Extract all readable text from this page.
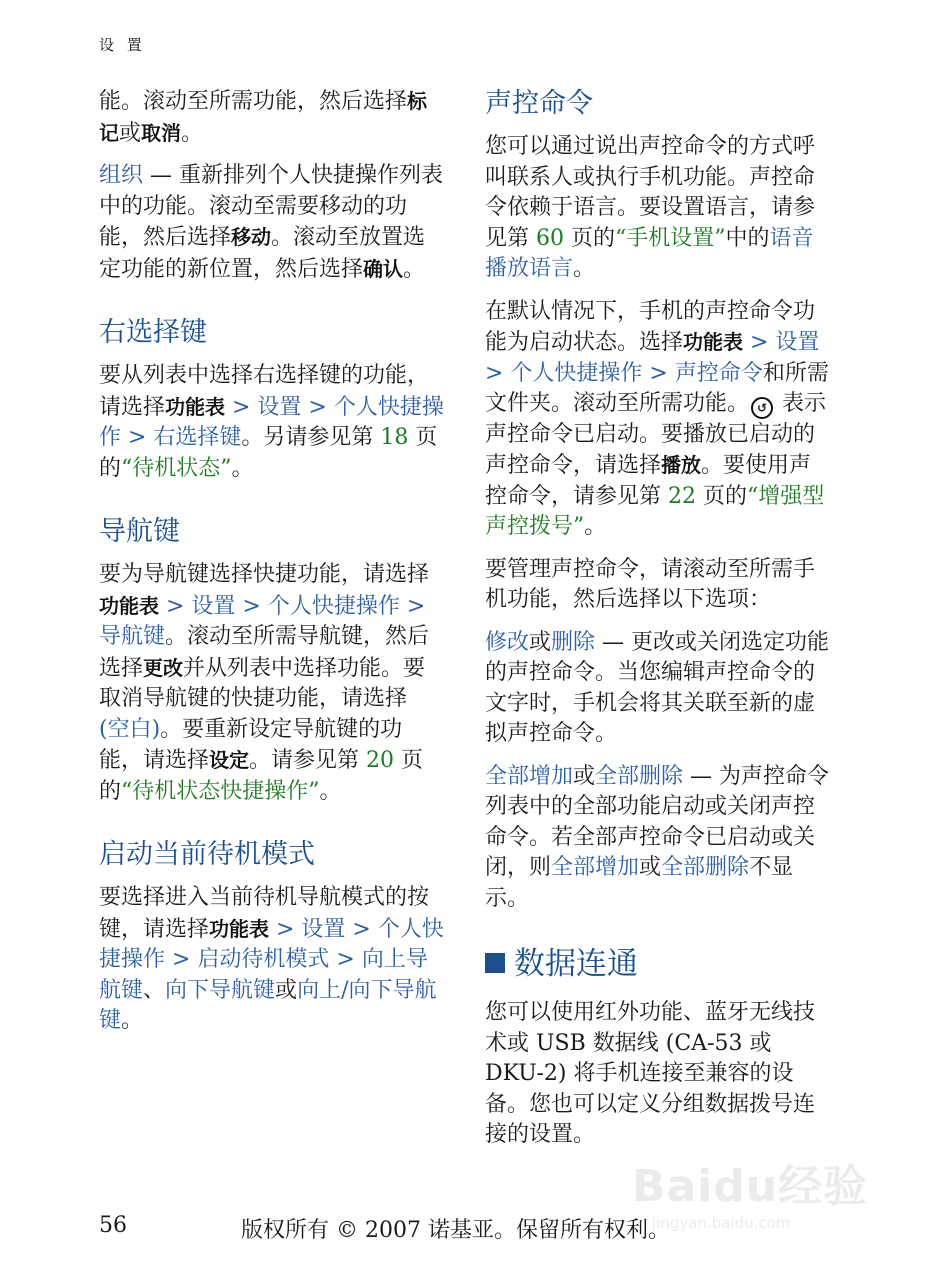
设 置

能。滚动至所需功能，然后选择标记或取消。

组织 — 重新排列个人快捷操作列表中的功能。滚动至需要移动的功能，然后选择移动。滚动至放置选定功能的新位置，然后选择确认。

右选择键

要从列表中选择右选择键的功能，请选择功能表 > 设置 > 个人快捷操作 > 右选择键。另请参见第 18 页的“待机状态”。

导航键

要为导航键选择快捷功能，请选择功能表 > 设置 > 个人快捷操作 > 导航键。滚动至所需导航键，然后选择更改并从列表中选择功能。要取消导航键的快捷功能，请选择 (空白)。要重新设定导航键的功能，请选择设定。请参见第 20 页的“待机状态快捷操作”。

启动当前待机模式

要选择进入当前待机导航模式的按键，请选择功能表 > 设置 > 个人快捷操作 > 启动待机模式 > 向上导航键、向下导航键或向上/向下导航键。

声控命令

您可以通过说出声控命令的方式呼叫联系人或执行手机功能。声控命令依赖于语言。要设置语言，请参见第 60 页的“手机设置”中的语音播放语言。

在默认情况下，手机的声控命令功能为启动状态。选择功能表 > 设置 > 个人快捷操作 > 声控命令和所需文件夹。滚动至所需功能。 ↺ 表示声控命令已启动。要播放已启动的声控命令，请选择播放。要使用声控命令，请参见第 22 页的“增强型声控拨号”。

要管理声控命令，请滚动至所需手机功能，然后选择以下选项：

修改或删除 — 更改或关闭选定功能的声控命令。当您编辑声控命令的文字时，手机会将其关联至新的虚拟声控命令。

全部增加或全部删除 — 为声控命令列表中的全部功能启动或关闭声控命令。若全部声控命令已启动或关闭，则全部增加或全部删除不显示。

数据连通

您可以使用红外功能、蓝牙无线技术或 USB 数据线 (CA-53 或 DKU-2) 将手机连接至兼容的设备。您也可以定义分组数据拨号连接的设置。

56	版权所有 © 2007 诺基亚。保留所有权利。
Baidu经验
jingyan.baidu.com
